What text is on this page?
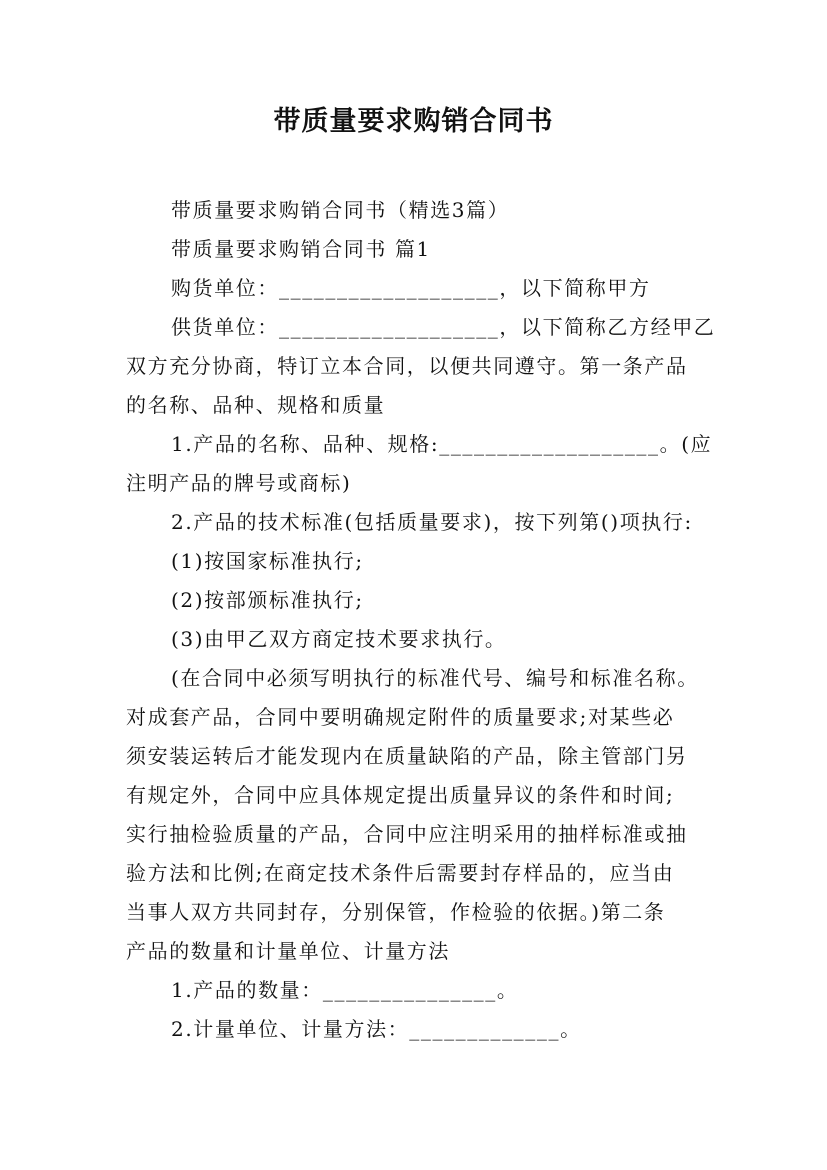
带质量要求购销合同书
带质量要求购销合同书（精选3篇）
带质量要求购销合同书 篇1
购货单位：___________________，以下简称甲方
供货单位：___________________，以下简称乙方经甲乙
双方充分协商，特订立本合同，以便共同遵守。第一条产品
的名称、品种、规格和质量
1.产品的名称、品种、规格:___________________。(应
注明产品的牌号或商标)
2.产品的技术标准(包括质量要求)，按下列第()项执行:
(1)按国家标准执行;
(2)按部颁标准执行;
(3)由甲乙双方商定技术要求执行。
(在合同中必须写明执行的标准代号、编号和标准名称。
对成套产品，合同中要明确规定附件的质量要求;对某些必
须安装运转后才能发现内在质量缺陷的产品，除主管部门另
有规定外，合同中应具体规定提出质量异议的条件和时间;
实行抽检验质量的产品，合同中应注明采用的抽样标准或抽
验方法和比例;在商定技术条件后需要封存样品的，应当由
当事人双方共同封存，分别保管，作检验的依据。)第二条
产品的数量和计量单位、计量方法
1.产品的数量：_______________。
2.计量单位、计量方法：_____________。
